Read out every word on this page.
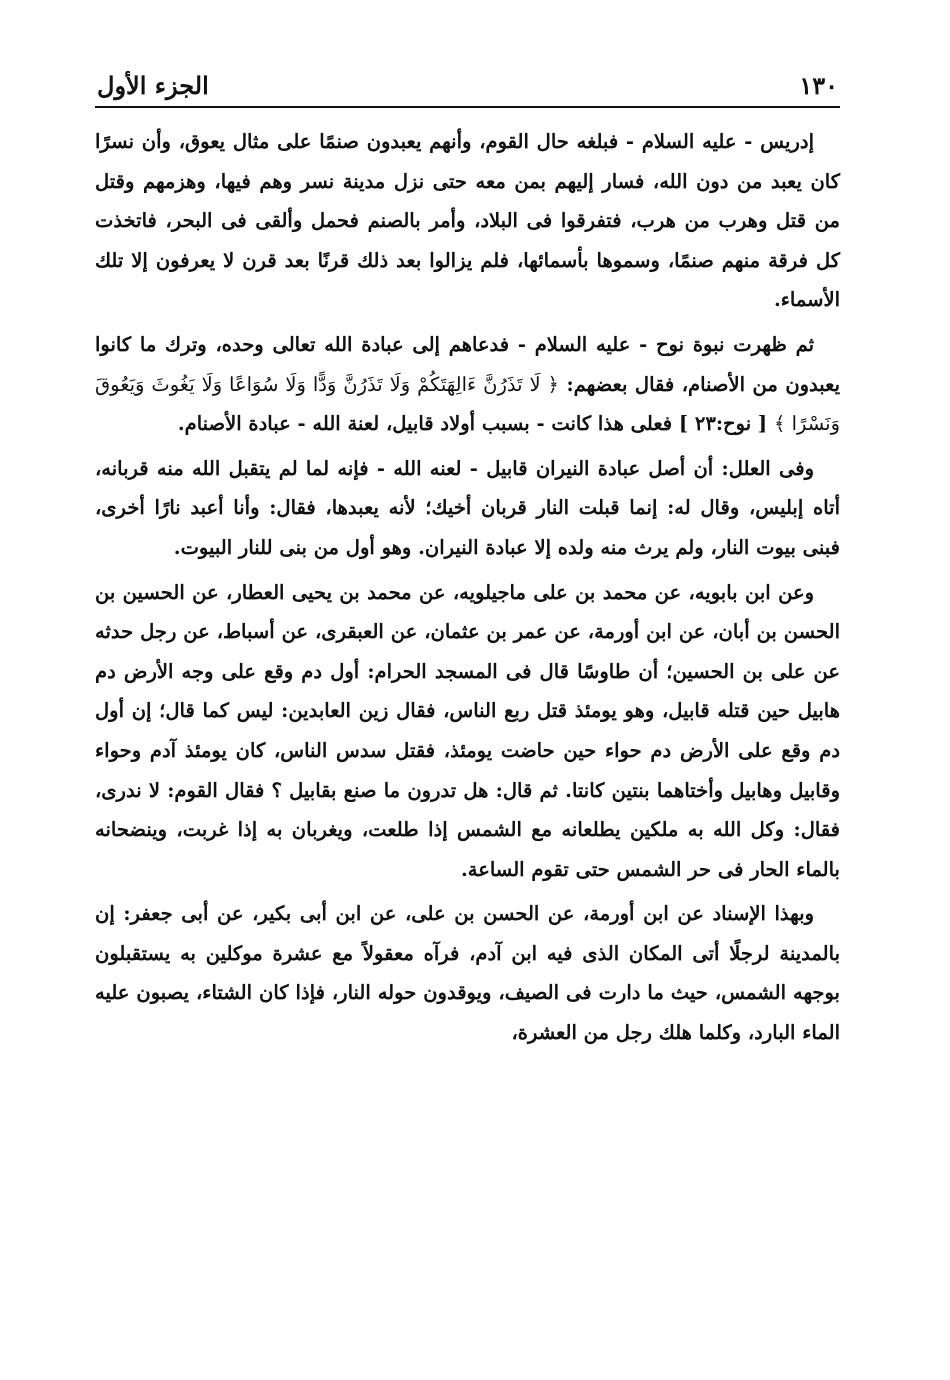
١٣٠
الجزء الأول

إدريس - عليه السلام - فبلغه حال القوم، وأنهم يعبدون صنمًا على مثال يعوق، وأن نسرًا كان يعبد من دون الله، فسار إليهم بمن معه حتى نزل مدينة نسر وهم فيها، وهزمهم وقتل من قتل وهرب من هرب، فتفرقوا فى البلاد، وأمر بالصنم فحمل وألقى فى البحر، فاتخذت كل فرقة منهم صنمًا، وسموها بأسمائها، فلم يزالوا بعد ذلك قرنًا بعد قرن لا يعرفون إلا تلك الأسماء.

ثم ظهرت نبوة نوح - عليه السلام - فدعاهم إلى عبادة الله تعالى وحده، وترك ما كانوا يعبدون من الأصنام، فقال بعضهم: ﴿ لَا تَذَرُنَّ ءَالِهَتَكُمْ وَلَا تَذَرُنَّ وَدًّا وَلَا سُوَاعًا وَلَا يَغُوثَ وَيَعُوقَ وَنَسْرًا ﴾ [ نوح:٢٣ ] فعلى هذا كانت - بسبب أولاد قابيل، لعنة الله - عبادة الأصنام.

وفى العلل: أن أصل عبادة النيران قابيل - لعنه الله - فإنه لما لم يتقبل الله منه قربانه، أتاه إبليس، وقال له: إنما قبلت النار قربان أخيك؛ لأنه يعبدها، فقال: وأنا أعبد نارًا أخرى، فبنى بيوت النار، ولم يرث منه ولده إلا عبادة النيران. وهو أول من بنى للنار البيوت.

وعن ابن بابويه، عن محمد بن على ماجيلويه، عن محمد بن يحيى العطار، عن الحسين بن الحسن بن أبان، عن ابن أورمة، عن عمر بن عثمان، عن العبقرى، عن أسباط، عن رجل حدثه عن على بن الحسين؛ أن طاوسًا قال فى المسجد الحرام: أول دم وقع على وجه الأرض دم هابيل حين قتله قابيل، وهو يومئذ قتل ربع الناس، فقال زين العابدين: ليس كما قال؛ إن أول دم وقع على الأرض دم حواء حين حاضت يومئذ، فقتل سدس الناس، كان يومئذ آدم وحواء وقابيل وهابيل وأختاهما بنتين كانتا. ثم قال: هل تدرون ما صنع بقابيل ؟ فقال القوم: لا ندرى، فقال: وكل الله به ملكين يطلعانه مع الشمس إذا طلعت، ويغربان به إذا غربت، وينضحانه بالماء الحار فى حر الشمس حتى تقوم الساعة.

وبهذا الإسناد عن ابن أورمة، عن الحسن بن على، عن ابن أبى بكير، عن أبى جعفر: إن بالمدينة لرجلًا أتى المكان الذى فيه ابن آدم، فرآه معقولاً مع عشرة موكلين به يستقبلون بوجهه الشمس، حيث ما دارت فى الصيف، ويوقدون حوله النار، فإذا كان الشتاء، يصبون عليه الماء البارد، وكلما هلك رجل من العشرة،
